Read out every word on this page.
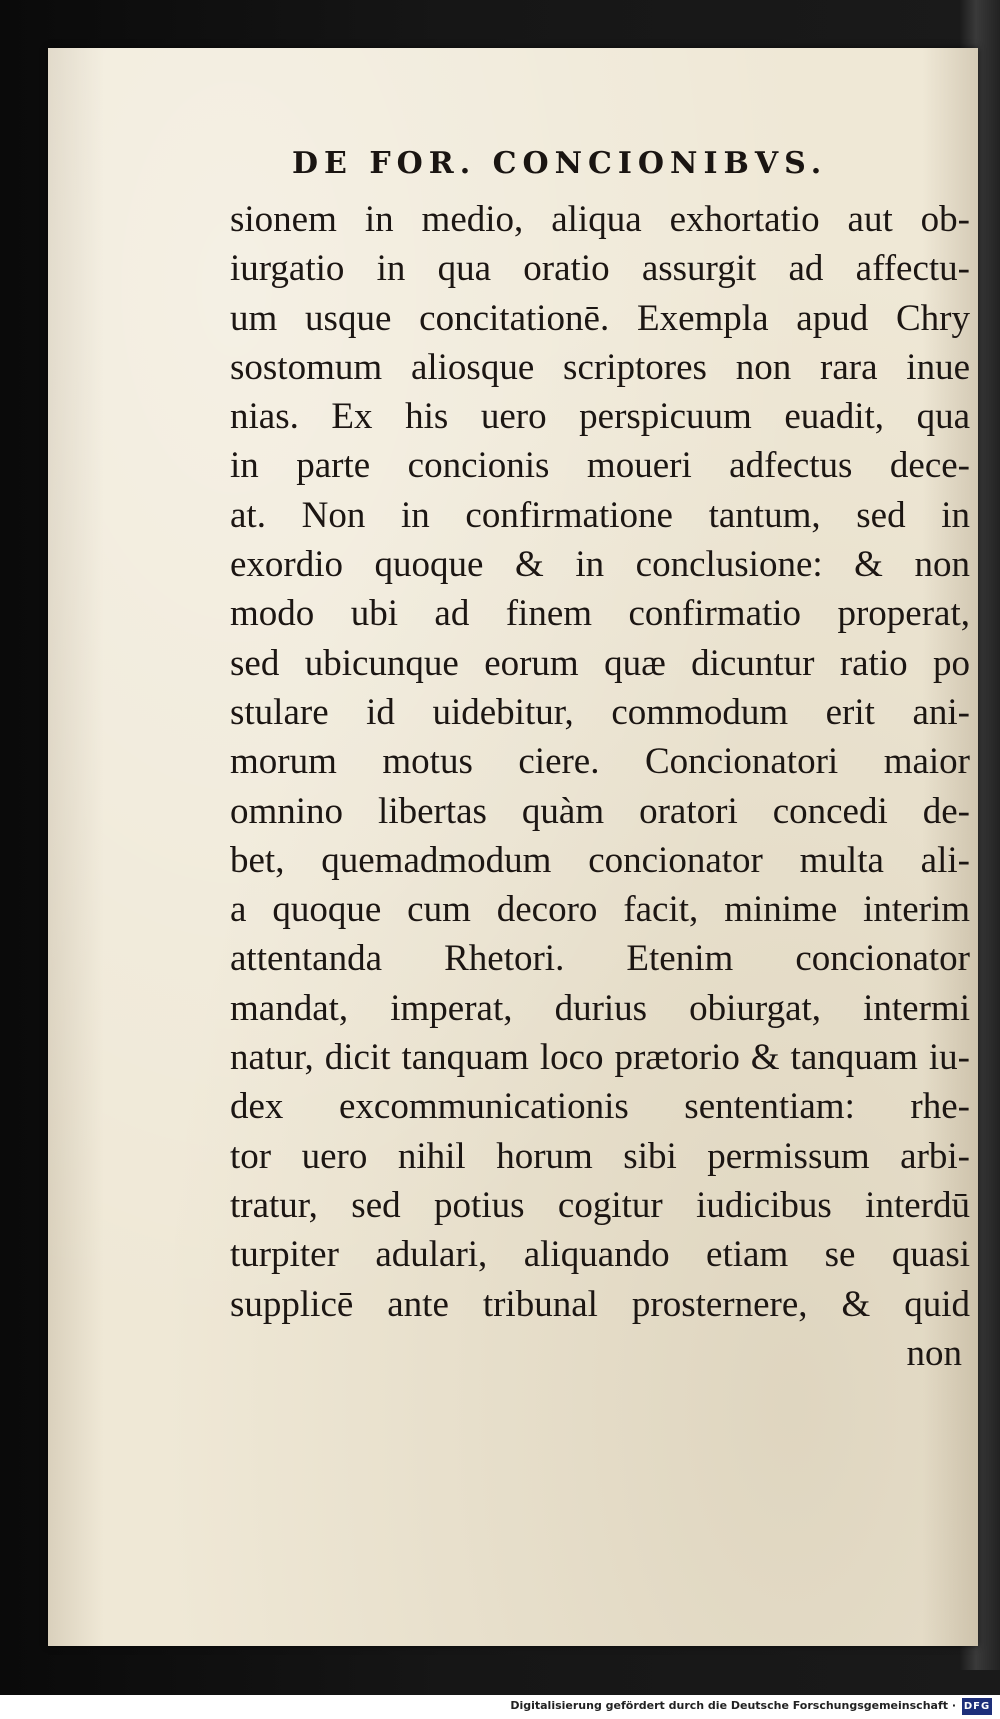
DE FOR. CONCIONIBVS.
sionem in medio, aliqua exhortatio aut ob-
iurgatio in qua oratio assurgit ad affectu-
um usque concitationē. Exempla apud Chry
sostomum aliosque scriptores non rara inue
nias. Ex his uero perspicuum euadit, qua
in parte concionis moueri adfectus dece-
at. Non in confirmatione tantum, sed in
exordio quoque & in conclusione: & non
modo ubi ad finem confirmatio properat,
sed ubicunque eorum quæ dicuntur ratio po
stulare id uidebitur, commodum erit ani-
morum motus ciere. Concionatori maior
omnino libertas quàm oratori concedi de-
bet, quemadmodum concionator multa ali-
a quoque cum decoro facit, minime interim
attentanda Rhetori. Etenim concionator
mandat, imperat, durius obiurgat, intermi
natur, dicit tanquam loco prætorio & tanquam iu-
dex excommunicationis sententiam: rhe-
tor uero nihil horum sibi permissum arbi-
tratur, sed potius cogitur iudicibus interdū
turpiter adulari, aliquando etiam se quasi
supplicē ante tribunal prosternere, & quid
non
Digitalisierung gefördert durch die Deutsche Forschungsgemeinschaft · DFG
